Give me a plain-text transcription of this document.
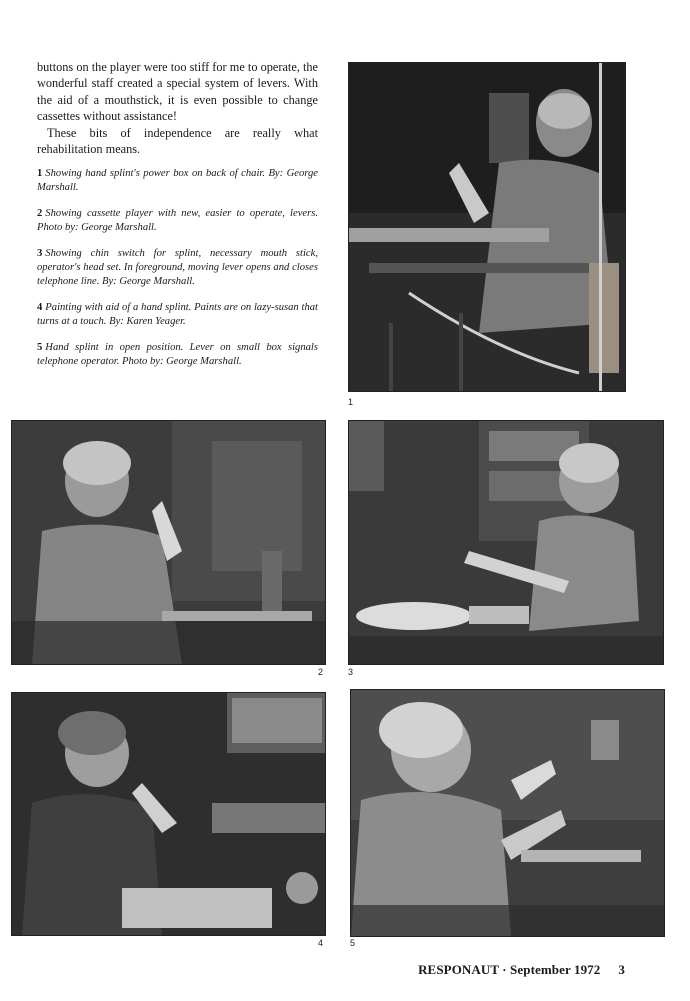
buttons on the player were too stiff for me to operate, the wonderful staff created a special system of levers. With the aid of a mouthstick, it is even possible to change cassettes without assistance!

These bits of independence are really what rehabilitation means.

1 Showing hand splint's power box on back of chair. By: George Marshall.

2 Showing cassette player with new, easier to operate, levers. Photo by: George Marshall.

3 Showing chin switch for splint, necessary mouth stick, operator's head set. In foreground, moving lever opens and closes telephone line. By: George Marshall.

4 Painting with aid of a hand splint. Paints are on lazy-susan that turns at a touch. By: Karen Yeager.

5 Hand splint in open position. Lever on small box signals telephone operator. Photo by: George Marshall.

1
2	3
4	5
RESPONAUT · September 1972 3
